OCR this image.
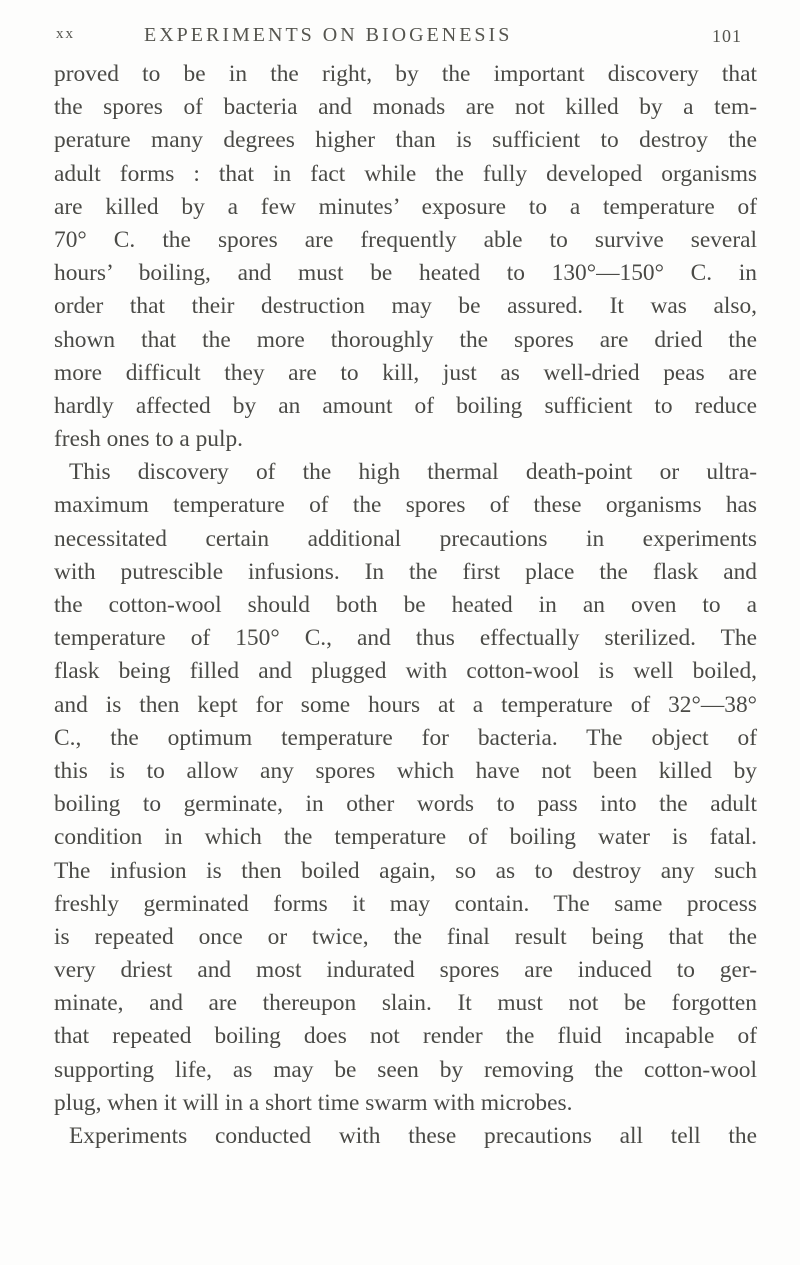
xx	EXPERIMENTS ON BIOGENESIS	101
proved to be in the right, by the important discovery that
the spores of bacteria and monads are not killed by a tem-
perature many degrees higher than is sufficient to destroy the
adult forms : that in fact while the fully developed organisms
are killed by a few minutes’ exposure to a temperature of
70° C. the spores are frequently able to survive several
hours’ boiling, and must be heated to 130°—150° C. in
order that their destruction may be assured. It was also,
shown that the more thoroughly the spores are dried the
more difficult they are to kill, just as well-dried peas are
hardly affected by an amount of boiling sufficient to reduce
fresh ones to a pulp.
This discovery of the high thermal death-point or ultra-
maximum temperature of the spores of these organisms has
necessitated certain additional precautions in experiments
with putrescible infusions. In the first place the flask and
the cotton-wool should both be heated in an oven to a
temperature of 150° C., and thus effectually sterilized. The
flask being filled and plugged with cotton-wool is well boiled,
and is then kept for some hours at a temperature of 32°—38°
C., the optimum temperature for bacteria. The object of
this is to allow any spores which have not been killed by
boiling to germinate, in other words to pass into the adult
condition in which the temperature of boiling water is fatal.
The infusion is then boiled again, so as to destroy any such
freshly germinated forms it may contain. The same process
is repeated once or twice, the final result being that the
very driest and most indurated spores are induced to ger-
minate, and are thereupon slain. It must not be forgotten
that repeated boiling does not render the fluid incapable of
supporting life, as may be seen by removing the cotton-wool
plug, when it will in a short time swarm with microbes.
Experiments conducted with these precautions all tell the
